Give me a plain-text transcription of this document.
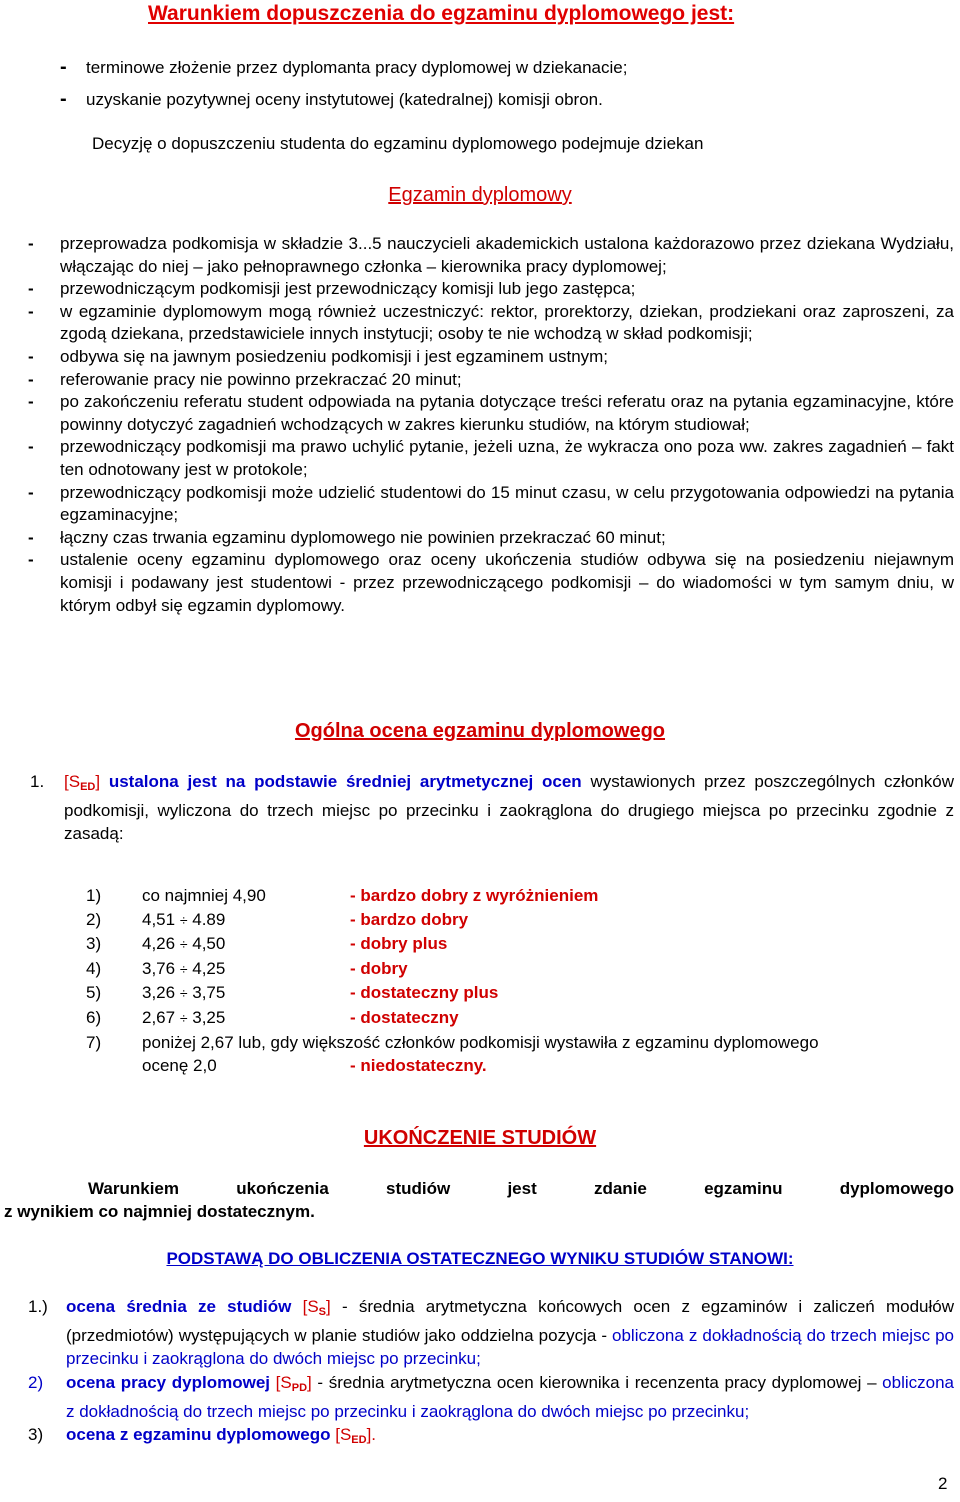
Warunkiem dopuszczenia do egzaminu dyplomowego jest:
- terminowe złożenie przez dyplomanta pracy dyplomowej w dziekanacie;
- uzyskanie pozytywnej oceny instytutowej (katedralnej) komisji obron.
Decyzję o dopuszczeniu studenta do egzaminu dyplomowego podejmuje dziekan
Egzamin dyplomowy
-	przeprowadza podkomisja w składzie 3...5 nauczycieli akademickich ustalona każdorazowo przez dziekana Wydziału, włączając do niej – jako pełnoprawnego członka – kierownika pracy dyplomowej;
-	przewodniczącym podkomisji jest przewodniczący komisji lub jego zastępca;
-	w egzaminie dyplomowym mogą również uczestniczyć: rektor, prorektorzy, dziekan, prodziekani oraz zaproszeni, za zgodą dziekana, przedstawiciele innych instytucji; osoby te nie wchodzą w skład podkomisji;
-	odbywa się na jawnym posiedzeniu podkomisji i jest egzaminem ustnym;
-	referowanie pracy nie powinno przekraczać 20 minut;
-	po zakończeniu referatu student odpowiada na pytania dotyczące treści referatu oraz na pytania egzaminacyjne, które powinny dotyczyć zagadnień wchodzących w zakres kierunku studiów, na którym studiował;
-	przewodniczący podkomisji ma prawo uchylić pytanie, jeżeli uzna, że wykracza ono poza ww. zakres zagadnień – fakt ten odnotowany jest w protokole;
-	przewodniczący podkomisji może udzielić studentowi do 15 minut czasu, w celu przygotowania odpowiedzi na pytania egzaminacyjne;
-	łączny czas trwania egzaminu dyplomowego nie powinien przekraczać 60 minut;
-	ustalenie oceny egzaminu dyplomowego oraz oceny ukończenia studiów odbywa się na posiedzeniu niejawnym komisji i podawany jest studentowi - przez przewodniczącego podkomisji – do wiadomości w tym samym dniu, w którym odbył się egzamin dyplomowy.
Ogólna ocena egzaminu dyplomowego
1.	$[S_{ED}]$ ustalona jest na podstawie średniej arytmetycznej ocen wystawionych przez poszczególnych członków podkomisji, wyliczona do trzech miejsc po przecinku i zaokrąglona do drugiego miejsca po przecinku zgodnie z zasadą:
1)	co najmniej 4,90	- bardzo dobry z wyróżnieniem
2)	4,51 ÷ 4.89	- bardzo dobry
3)	4,26 ÷ 4,50	- dobry plus
4)	3,76 ÷ 4,25	- dobry
5)	3,26 ÷ 3,75	- dostateczny plus
6)	2,67 ÷ 3,25	- dostateczny
7)	poniżej 2,67 lub, gdy większość członków podkomisji wystawiła z egzaminu dyplomowego
ocenę 2,0	- niedostateczny.
UKOŃCZENIE STUDIÓW
Warunkiem ukończenia studiów jest zdanie egzaminu dyplomowego
z wynikiem co najmniej dostatecznym.
PODSTAWĄ DO OBLICZENIA OSTATECZNEGO WYNIKU STUDIÓW STANOWI:
1.)	ocena średnia ze studiów $[S_S]$ - średnia arytmetyczna końcowych ocen z egzaminów i zaliczeń modułów (przedmiotów) występujących w planie studiów jako oddzielna pozycja - obliczona z dokładnością do trzech miejsc po przecinku i zaokrąglona do dwóch miejsc po przecinku;
2)	ocena pracy dyplomowej $[S_{PD}]$ - średnia arytmetyczna ocen kierownika i recenzenta pracy dyplomowej – obliczona z dokładnością do trzech miejsc po przecinku i zaokrąglona do dwóch miejsc po przecinku;
3)	ocena z egzaminu dyplomowego $[S_{ED}]$.
2
